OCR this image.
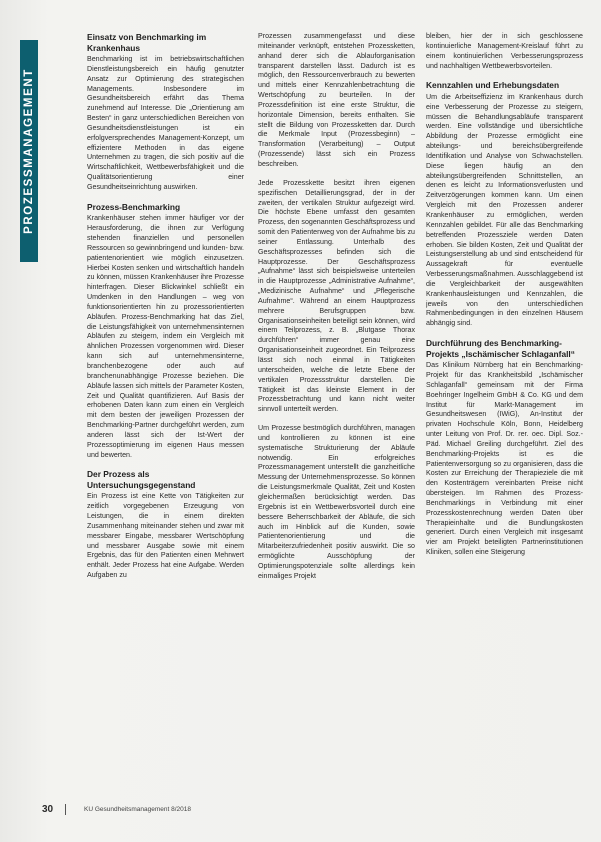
PROZESSMANAGEMENT
Einsatz von Benchmarking im Krankenhaus

Benchmarking ist im betriebswirtschaftlichen Dienstleistungsbereich ein häufig genutzter Ansatz zur Optimierung des strategischen Managements. Insbesondere im Gesundheitsbereich erfährt das Thema zunehmend auf Interesse. Die „Orientierung am Besten“ in ganz unterschiedlichen Bereichen von Gesundheitsdienstleistungen ist ein erfolgversprechendes Management-Konzept, um effizientere Methoden in das eigene Unternehmen zu tragen, die sich positiv auf die Wirtschaftlichkeit, Wettbewerbsfähigkeit und die Qualitätsorientierung einer Gesundheitseinrichtung auswirken.

Prozess-Benchmarking

Krankenhäuser stehen immer häufiger vor der Herausforderung, die ihnen zur Verfügung stehenden finanziellen und personellen Ressourcen so gewinnbringend und kunden- bzw. patientenorientiert wie möglich einzusetzen. Hierbei Kosten senken und wirtschaftlich handeln zu können, müssen Krankenhäuser ihre Prozesse hinterfragen. Dieser Blickwinkel schließt ein Umdenken in den Handlungen – weg von funktionsorientierten hin zu prozessorientierten Abläufen. Prozess-Benchmarking hat das Ziel, die Leistungsfähigkeit von unternehmensinternen Abläufen zu steigern, indem ein Vergleich mit ähnlichen Prozessen vorgenommen wird. Dieser kann sich auf unternehmensinterne, branchenbezogene oder auch auf branchenunabhängige Prozesse beziehen. Die Abläufe lassen sich mittels der Parameter Kosten, Zeit und Qualität quantifizieren. Auf Basis der erhobenen Daten kann zum einen ein Vergleich mit dem besten der jeweiligen Prozessen der Benchmarking-Partner durchgeführt werden, zum anderen lässt sich der Ist-Wert der Prozessoptimierung im eigenen Haus messen und bewerten.

Der Prozess als Untersuchungsgegenstand

Ein Prozess ist eine Kette von Tätigkeiten zur zeitlich vorgegebenen Erzeugung von Leistungen, die in einem direkten Zusammenhang miteinander stehen und zwar mit messbarer Eingabe, messbarer Wertschöpfung und messbarer Ausgabe sowie mit einem Ergebnis, das für den Patienten einen Mehrwert enthält. Jeder Prozess hat eine Aufgabe. Werden Aufgaben zu

Prozessen zusammengefasst und diese miteinander verknüpft, entstehen Prozessketten, anhand derer sich die Ablauforganisation transparent darstellen lässt. Dadurch ist es möglich, den Ressourcenverbrauch zu bewerten und mittels einer Kennzahlenbetrachtung die Wertschöpfung zu beurteilen. In der Prozessdefinition ist eine erste Struktur, die horizontale Dimension, bereits enthalten. Sie stellt die Bildung von Prozessketten dar. Durch die Merkmale Input (Prozessbeginn) – Transformation (Verarbeitung) – Output (Prozessende) lässt sich ein Prozess beschreiben.

Jede Prozesskette besitzt ihren eigenen spezifischen Detaillierungsgrad, der in der zweiten, der vertikalen Struktur aufgezeigt wird. Die höchste Ebene umfasst den gesamten Prozess, den sogenannten Geschäftsprozess und somit den Patientenweg von der Aufnahme bis zu seiner Entlassung. Unterhalb des Geschäftsprozesses befinden sich die Hauptprozesse. Der Geschäftsprozess „Aufnahme“ lässt sich beispielsweise unterteilen in die Hauptprozesse „Administrative Aufnahme“, „Medizinische Aufnahme“ und „Pflegerische Aufnahme“. Während an einem Hauptprozess mehrere Berufsgruppen bzw. Organisationseinheiten beteiligt sein können, wird einem Teilprozess, z. B. „Blutgase Thorax durchführen“ immer genau eine Organisationseinheit zugeordnet. Ein Teilprozess lässt sich noch einmal in Tätigkeiten unterscheiden, welche die letzte Ebene der vertikalen Prozessstruktur darstellen. Die Tätigkeit ist das kleinste Element in der Prozessbetrachtung und kann nicht weiter sinnvoll unterteilt werden.

Um Prozesse bestmöglich durchführen, managen und kontrollieren zu können ist eine systematische Strukturierung der Abläufe notwendig. Ein erfolgreiches Prozessmanagement unterstellt die ganzheitliche Messung der Unternehmensprozesse. So können die Leistungsmerkmale Qualität, Zeit und Kosten gleichermaßen berücksichtigt werden. Das Ergebnis ist ein Wettbewerbsvorteil durch eine bessere Beherrschbarkeit der Abläufe, die sich auch im Hinblick auf die Kunden, sowie Patientenorientierung und die Mitarbeiterzufriedenheit positiv auswirkt. Die so ermöglichte Ausschöpfung der Optimierungspotenziale sollte allerdings kein einmaliges Projekt

bleiben, hier der in sich geschlossene kontinuierliche Management-Kreislauf führt zu einem kontinuierlichen Verbesserungsprozess und nachhaltigen Wettbewerbsvorteilen.

Kennzahlen und Erhebungsdaten

Um die Arbeitseffizienz im Krankenhaus durch eine Verbesserung der Prozesse zu steigern, müssen die Behandlungsabläufe transparent werden. Eine vollständige und übersichtliche Abbildung der Prozesse ermöglicht eine abteilungs- und bereichsübergreifende Identifikation und Analyse von Schwachstellen. Diese liegen häufig an den abteilungsübergreifenden Schnittstellen, an denen es leicht zu Informationsverlusten und Zeitverzögerungen kommen kann. Um einen Vergleich mit den Prozessen anderer Krankenhäuser zu ermöglichen, werden Kennzahlen gebildet. Für alle das Benchmarking betreffenden Prozessziele werden Daten erhoben. Sie bilden Kosten, Zeit und Qualität der Leistungserstellung ab und sind entscheidend für Aussagekraft für eventuelle Verbesserungsmaßnahmen. Ausschlaggebend ist die Vergleichbarkeit der ausgewählten Krankenhausleistungen und Kennzahlen, die jeweils von den unterschiedlichen Rahmenbedingungen in den einzelnen Häusern abhängig sind.

Durchführung des Benchmarking-Projekts „Ischämischer Schlaganfall“

Das Klinikum Nürnberg hat ein Benchmarking-Projekt für das Krankheitsbild „Ischämischer Schlaganfall“ gemeinsam mit der Firma Boehringer Ingelheim GmbH & Co. KG und dem Institut für Markt-Management im Gesundheitswesen (IWiG), An-Institut der privaten Hochschule Köln, Bonn, Heidelberg unter Leitung von Prof. Dr. rer. oec. Dipl. Soz.-Päd. Michael Greiling durchgeführt. Ziel des Benchmarking-Projekts ist es die Patientenversorgung so zu organisieren, dass die Kosten zur Erreichung der Therapieziele die mit den Kostenträgern vereinbarten Preise nicht übersteigen. Im Rahmen des Prozess-Benchmarkings in Verbindung mit einer Prozesskostenrechnung werden Daten über Therapieinhalte und die Bundlungskosten generiert. Durch einen Vergleich mit insgesamt vier am Projekt beteiligten Partnerinstitutionen Kliniken, sollen eine Steigerung

30	KU Gesundheitsmanagement 8/2018
